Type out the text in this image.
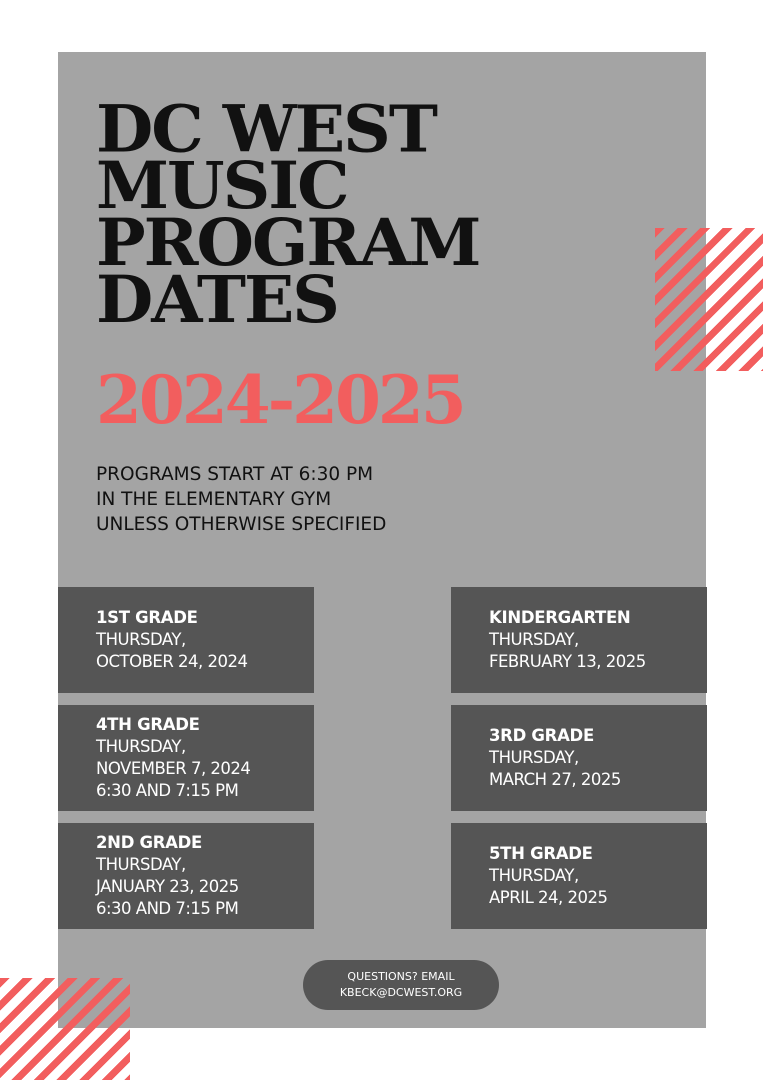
DC WEST
MUSIC
PROGRAM
DATES
2024-2025
PROGRAMS START AT 6:30 PM
IN THE ELEMENTARY GYM
UNLESS OTHERWISE SPECIFIED
1ST GRADE
THURSDAY,
OCTOBER 24, 2024
4TH GRADE
THURSDAY,
NOVEMBER 7, 2024
6:30 AND 7:15 PM
2ND GRADE
THURSDAY,
JANUARY 23, 2025
6:30 AND 7:15 PM
KINDERGARTEN
THURSDAY,
FEBRUARY 13, 2025
3RD GRADE
THURSDAY,
MARCH 27, 2025
5TH GRADE
THURSDAY,
APRIL 24, 2025
QUESTIONS? EMAIL
KBECK@DCWEST.ORG
